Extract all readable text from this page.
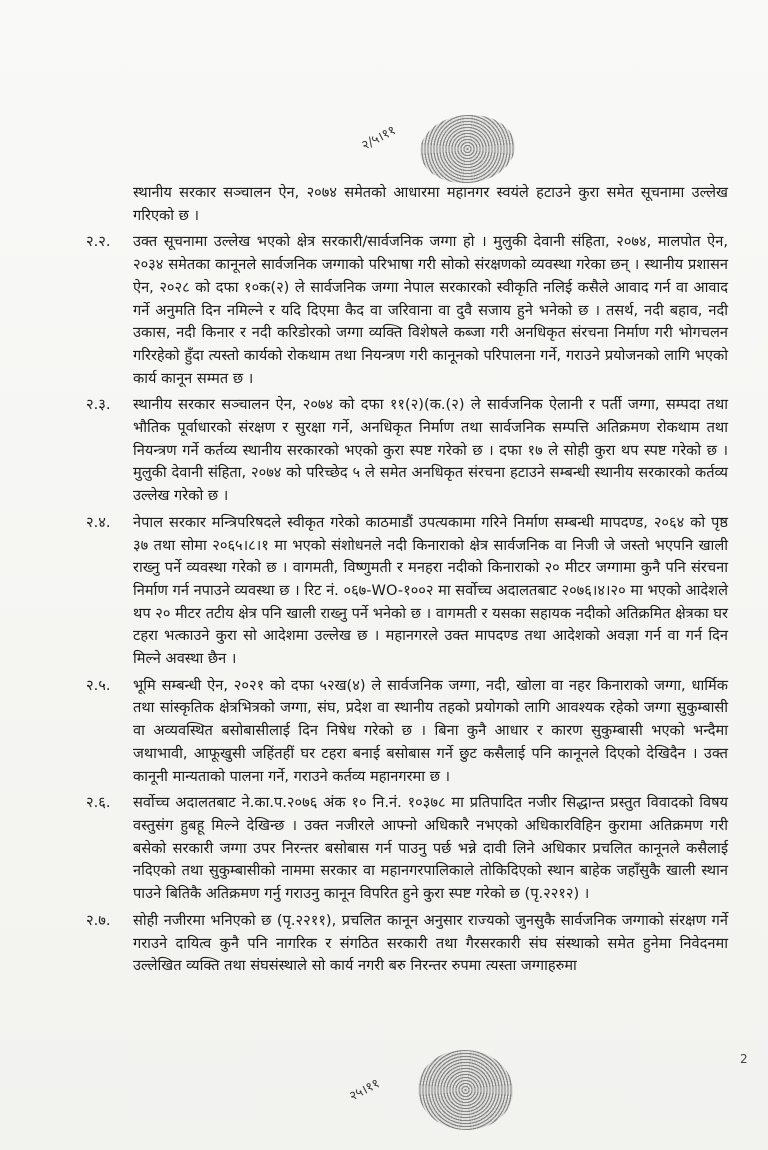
२/५।११

स्थानीय सरकार सञ्चालन ऐन, २०७४ समेतको आधारमा महानगर स्वयंले हटाउने कुरा समेत सूचनामा उल्लेख गरिएको छ ।

२.२.	उक्त सूचनामा उल्लेख भएको क्षेत्र सरकारी/सार्वजनिक जग्गा हो । मुलुकी देवानी संहिता, २०७४, मालपोत ऐन, २०३४ समेतका कानूनले सार्वजनिक जग्गाको परिभाषा गरी सोको संरक्षणको व्यवस्था गरेका छन् । स्थानीय प्रशासन ऐन, २०२८ को दफा १०क(२) ले सार्वजनिक जग्गा नेपाल सरकारको स्वीकृति नलिई कसैले आवाद गर्न वा आवाद गर्ने अनुमति दिन नमिल्ने र यदि दिएमा कैद वा जरिवाना वा दुवै सजाय हुने भनेको छ । तसर्थ, नदी बहाव, नदी उकास, नदी किनार र नदी करिडोरको जग्गा व्यक्ति विशेषले कब्जा गरी अनधिकृत संरचना निर्माण गरी भोगचलन गरिरहेको हुँदा त्यस्तो कार्यको रोकथाम तथा नियन्त्रण गरी कानूनको परिपालना गर्ने, गराउने प्रयोजनको लागि भएको कार्य कानून सम्मत छ ।
२.३.	स्थानीय सरकार सञ्चालन ऐन, २०७४ को दफा ११(२)(क.(२) ले सार्वजनिक ऐलानी र पर्ती जग्गा, सम्पदा तथा भौतिक पूर्वाधारको संरक्षण र सुरक्षा गर्ने, अनधिकृत निर्माण तथा सार्वजनिक सम्पत्ति अतिक्रमण रोकथाम तथा नियन्त्रण गर्ने कर्तव्य स्थानीय सरकारको भएको कुरा स्पष्ट गरेको छ । दफा १७ ले सोही कुरा थप स्पष्ट गरेको छ । मुलुकी देवानी संहिता, २०७४ को परिच्छेद ५ ले समेत अनधिकृत संरचना हटाउने सम्बन्धी स्थानीय सरकारको कर्तव्य उल्लेख गरेको छ ।
२.४.	नेपाल सरकार मन्त्रिपरिषदले स्वीकृत गरेको काठमाडौं उपत्यकामा गरिने निर्माण सम्बन्धी मापदण्ड, २०६४ को पृष्ठ ३७ तथा सोमा २०६५।८।१ मा भएको संशोधनले नदी किनाराको क्षेत्र सार्वजनिक वा निजी जे जस्तो भएपनि खाली राख्नु पर्ने व्यवस्था गरेको छ । वागमती, विष्णुमती र मनहरा नदीको किनाराको २० मीटर जग्गामा कुनै पनि संरचना निर्माण गर्न नपाउने व्यवस्था छ । रिट नं. ०६७-WO-१००२ मा सर्वोच्च अदालतबाट २०७६।४।२० मा भएको आदेशले थप २० मीटर तटीय क्षेत्र पनि खाली राख्नु पर्ने भनेको छ । वागमती र यसका सहायक नदीको अतिक्रमित क्षेत्रका घर टहरा भत्काउने कुरा सो आदेशमा उल्लेख छ । महानगरले उक्त मापदण्ड तथा आदेशको अवज्ञा गर्न वा गर्न दिन मिल्ने अवस्था छैन ।
२.५.	भूमि सम्बन्धी ऐन, २०२१ को दफा ५२ख(४) ले सार्वजनिक जग्गा, नदी, खोला वा नहर किनाराको जग्गा, धार्मिक तथा सांस्कृतिक क्षेत्रभित्रको जग्गा, संघ, प्रदेश वा स्थानीय तहको प्रयोगको लागि आवश्यक रहेको जग्गा सुकुम्बासी वा अव्यवस्थित बसोबासीलाई दिन निषेध गरेको छ । बिना कुनै आधार र कारण सुकुम्बासी भएको भन्दैमा जथाभावी, आफूखुसी जहिंतहीं घर टहरा बनाई बसोबास गर्ने छुट कसैलाई पनि कानूनले दिएको देखिदैन । उक्त कानूनी मान्यताको पालना गर्ने, गराउने कर्तव्य महानगरमा छ ।
२.६.	सर्वोच्च अदालतबाट ने.का.प.२०७६ अंक १० नि.नं. १०३७८ मा प्रतिपादित नजीर सिद्धान्त प्रस्तुत विवादको विषय वस्तुसंग हुबहू मिल्ने देखिन्छ । उक्त नजीरले आफ्नो अधिकारै नभएको अधिकारविहिन कुरामा अतिक्रमण गरी बसेको सरकारी जग्गा उपर निरन्तर बसोबास गर्न पाउनु पर्छ भन्ने दावी लिने अधिकार प्रचलित कानूनले कसैलाई नदिएको तथा सुकुम्बासीको नाममा सरकार वा महानगरपालिकाले तोकिदिएको स्थान बाहेक जहाँसुकै खाली स्थान पाउने बितिकै अतिक्रमण गर्नु गराउनु कानून विपरित हुने कुरा स्पष्ट गरेको छ (पृ.२२१२) ।
२.७.	सोही नजीरमा भनिएको छ (पृ.२२११), प्रचलित कानून अनुसार राज्यको जुनसुकै सार्वजनिक जग्गाको संरक्षण गर्ने गराउने दायित्व कुनै पनि नागरिक र संगठित सरकारी तथा गैरसरकारी संघ संस्थाको समेत हुनेमा निवेदनमा उल्लेखित व्यक्ति तथा संघसंस्थाले सो कार्य नगरी बरु निरन्तर रुपमा त्यस्ता जग्गाहरुमा
2
२५।११
